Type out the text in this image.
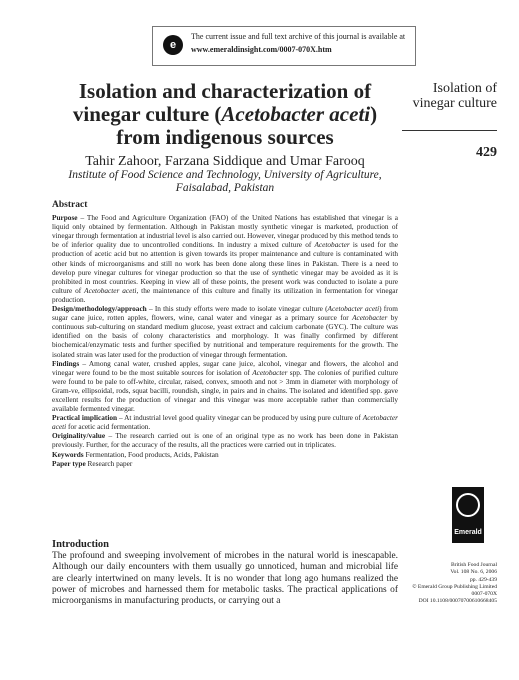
e
The current issue and full text archive of this journal is available at
www.emeraldinsight.com/0007-070X.htm
Isolation and characterization of vinegar culture (Acetobacter aceti) from indigenous sources
Isolation of vinegar culture
429
Tahir Zahoor, Farzana Siddique and Umar Farooq
Institute of Food Science and Technology, University of Agriculture, Faisalabad, Pakistan

Abstract

Purpose – The Food and Agriculture Organization (FAO) of the United Nations has established that vinegar is a liquid only obtained by fermentation. Although in Pakistan mostly synthetic vinegar is marketed, production of vinegar through fermentation at industrial level is also carried out. However, vinegar produced by this method tends to be of inferior quality due to uncontrolled conditions. In industry a mixed culture of Acetobacter is used for the production of acetic acid but no attention is given towards its proper maintenance and culture is contaminated with other kinds of microorganisms and still no work has been done along these lines in Pakistan. There is a need to develop pure vinegar cultures for vinegar production so that the use of synthetic vinegar may be avoided as it is prohibited in most countries. Keeping in view all of these points, the present work was conducted to isolate a pure culture of Acetobacter aceti, the maintenance of this culture and finally its utilization in fermentation for vinegar production.

Design/methodology/approach – In this study efforts were made to isolate vinegar culture (Acetobacter aceti) from sugar cane juice, rotten apples, flowers, wine, canal water and vinegar as a primary source for Acetobacter by continuous sub-culturing on standard medium glucose, yeast extract and calcium carbonate (GYC). The culture was identified on the basis of colony characteristics and morphology. It was finally confirmed by different biochemical/enzymatic tests and further specified by nutritional and temperature requirements for the growth. The isolated strain was later used for the production of vinegar through fermentation.

Findings – Among canal water, crushed apples, sugar cane juice, alcohol, vinegar and flowers, the alcohol and vinegar were found to be the most suitable sources for isolation of Acetobacter spp. The colonies of purified culture were found to be pale to off-white, circular, raised, convex, smooth and not > 3mm in diameter with morphology of Gram-ve, ellipsoidal, rods, squat bacilli, roundish, single, in pairs and in chains. The isolated and identified spp. gave excellent results for the production of vinegar and this vinegar was more acceptable rather than commercially available fermented vinegar.

Practical implication – At industrial level good quality vinegar can be produced by using pure culture of Acetobacter aceti for acetic acid fermentation.

Originality/value – The research carried out is one of an original type as no work has been done in Pakistan previously. Further, for the accuracy of the results, all the practices were carried out in triplicates.

Keywords Fermentation, Food products, Acids, Pakistan

Paper type Research paper

Introduction

The profound and sweeping involvement of microbes in the natural world is inescapable. Although our daily encounters with them usually go unnoticed, human and microbial life are clearly intertwined on many levels. It is no wonder that long ago humans realized the power of microbes and harnessed them for metabolic tasks. The practical applications of microorganisms in manufacturing products, or carrying out a

Emerald
British Food Journal
Vol. 108 No. 6, 2006
pp. 429-439
© Emerald Group Publishing Limited
0007-070X
DOI 10.1108/00070700610668405
